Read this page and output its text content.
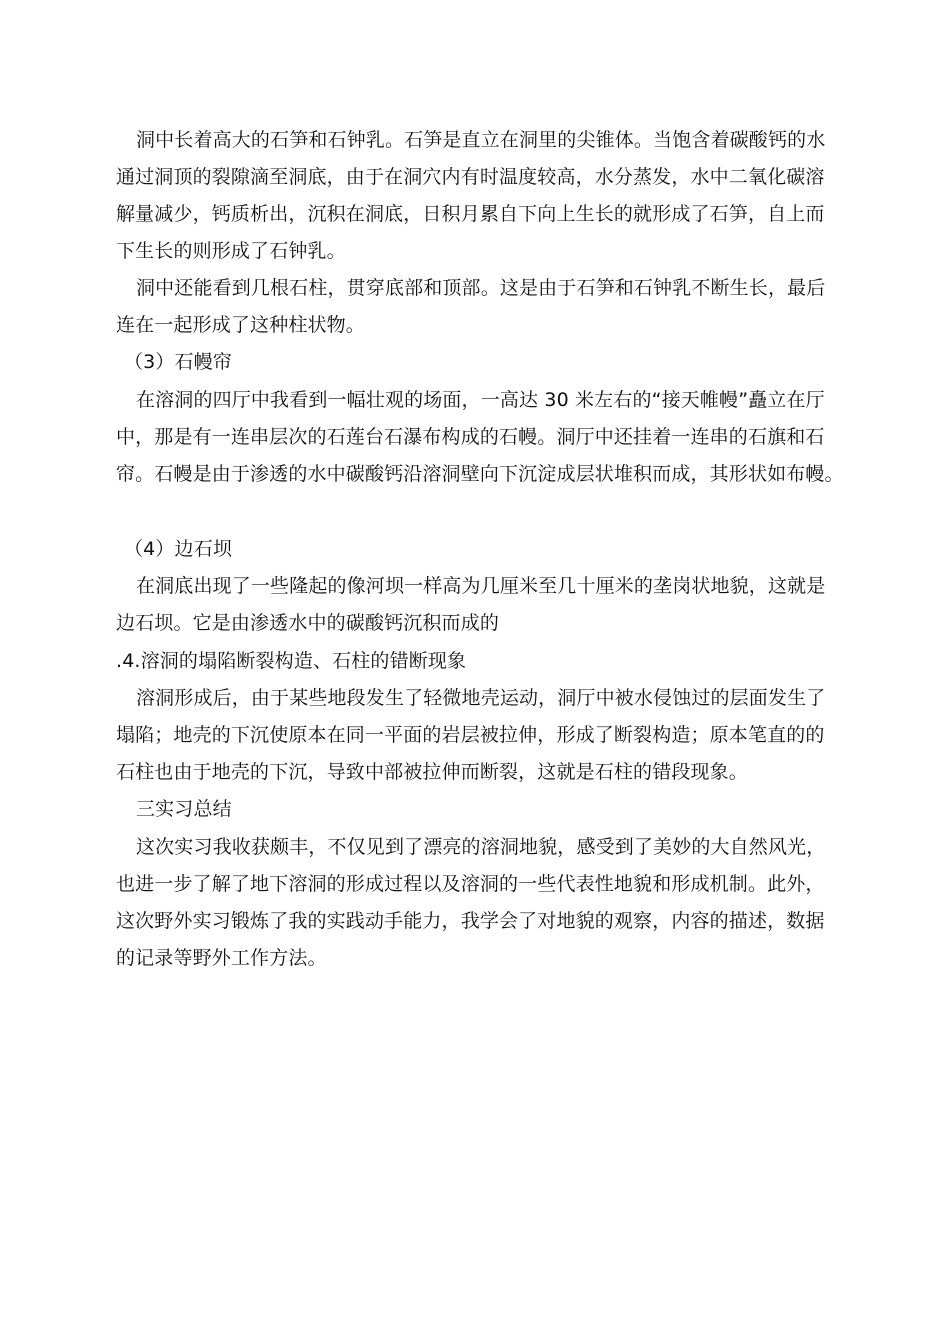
洞中长着高大的石笋和石钟乳。石笋是直立在洞里的尖锥体。当饱含着碳酸钙的水

通过洞顶的裂隙滴至洞底，由于在洞穴内有时温度较高，水分蒸发，水中二氧化碳溶

解量减少，钙质析出，沉积在洞底，日积月累自下向上生长的就形成了石笋，自上而

下生长的则形成了石钟乳。

洞中还能看到几根石柱，贯穿底部和顶部。这是由于石笋和石钟乳不断生长，最后

连在一起形成了这种柱状物。

（3）石幔帘

在溶洞的四厅中我看到一幅壮观的场面，一高达 30 米左右的“接天帷幔”矗立在厅

中，那是有一连串层次的石莲台石瀑布构成的石幔。洞厅中还挂着一连串的石旗和石

帘。石幔是由于渗透的水中碳酸钙沿溶洞壁向下沉淀成层状堆积而成，其形状如布幔。

（4）边石坝

在洞底出现了一些隆起的像河坝一样高为几厘米至几十厘米的垄岗状地貌，这就是

边石坝。它是由渗透水中的碳酸钙沉积而成的

.4.溶洞的塌陷断裂构造、石柱的错断现象

溶洞形成后，由于某些地段发生了轻微地壳运动，洞厅中被水侵蚀过的层面发生了

塌陷；地壳的下沉使原本在同一平面的岩层被拉伸，形成了断裂构造；原本笔直的的

石柱也由于地壳的下沉，导致中部被拉伸而断裂，这就是石柱的错段现象。

三实习总结

这次实习我收获颇丰，不仅见到了漂亮的溶洞地貌，感受到了美妙的大自然风光，

也进一步了解了地下溶洞的形成过程以及溶洞的一些代表性地貌和形成机制。此外，

这次野外实习锻炼了我的实践动手能力，我学会了对地貌的观察，内容的描述，数据

的记录等野外工作方法。
